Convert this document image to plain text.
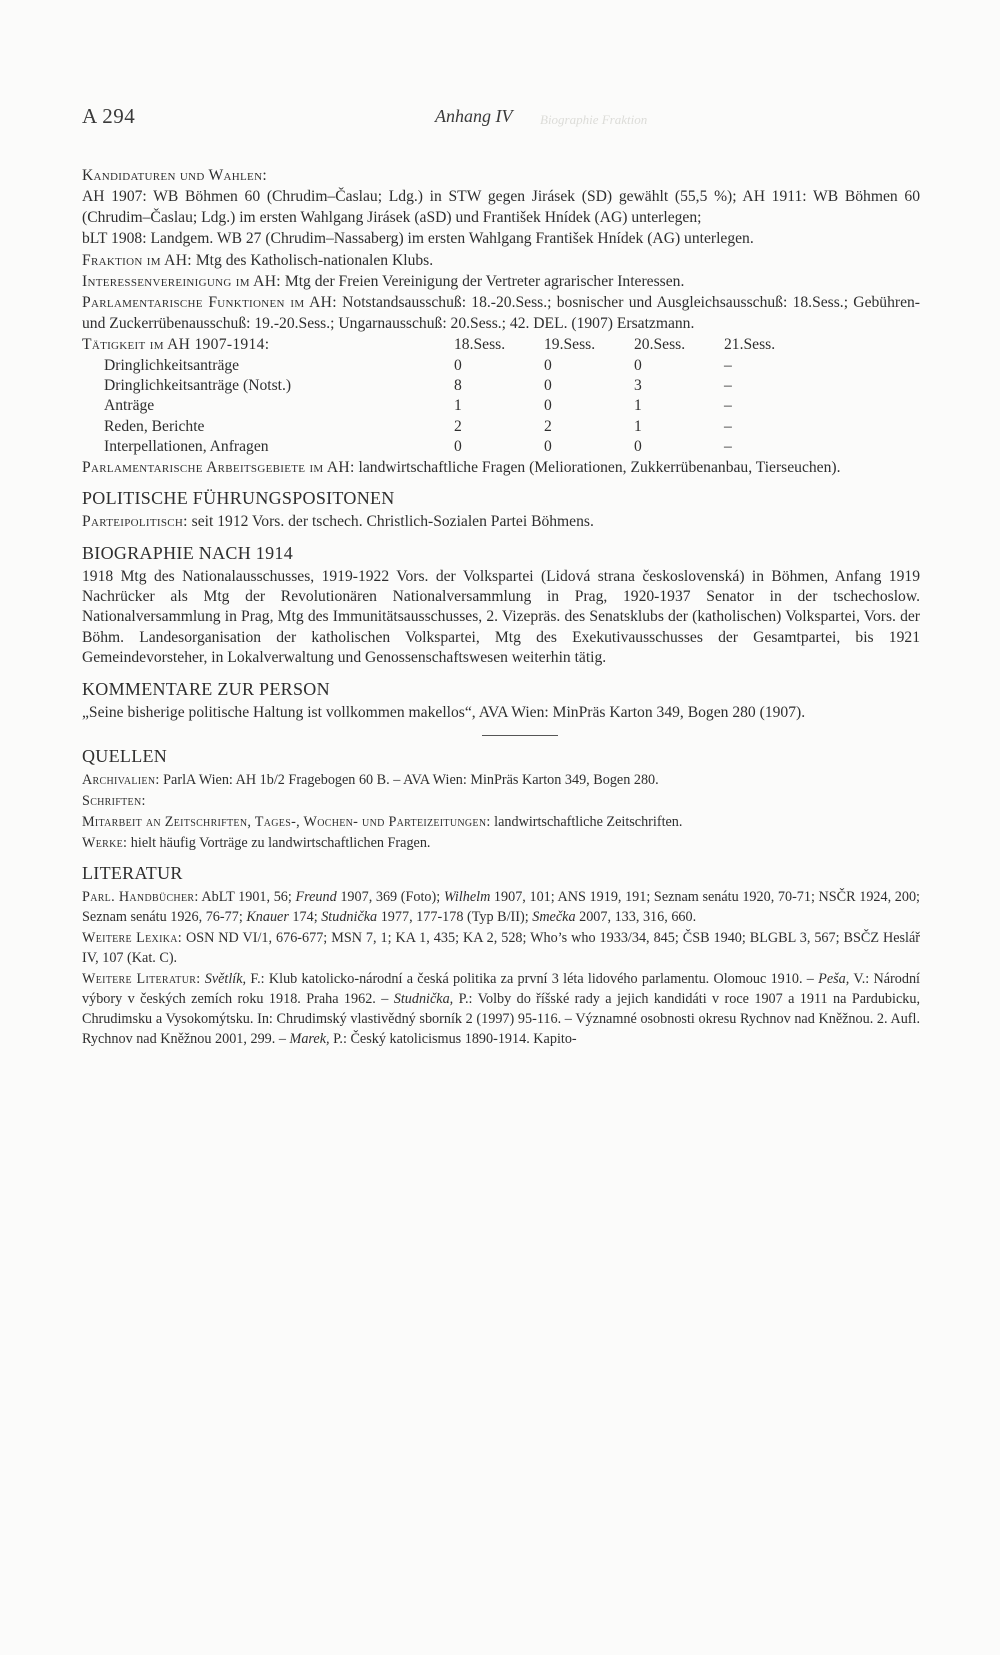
Biographie Fraktion
A 294	Anhang IV
Kandidaturen und Wahlen:
AH 1907: WB Böhmen 60 (Chrudim–Časlau; Ldg.) in STW gegen Jirásek (SD) gewählt (55,5 %); AH 1911: WB Böhmen 60 (Chrudim–Časlau; Ldg.) im ersten Wahlgang Jirásek (aSD) und František Hnídek (AG) unterlegen;
bLT 1908: Landgem. WB 27 (Chrudim–Nassaberg) im ersten Wahlgang František Hnídek (AG) unterlegen.
Fraktion im AH: Mtg des Katholisch-nationalen Klubs.
Interessenvereinigung im AH: Mtg der Freien Vereinigung der Vertreter agrarischer Interessen.
Parlamentarische Funktionen im AH: Notstandsausschuß: 18.-20.Sess.; bosnischer und Ausgleichsausschuß: 18.Sess.; Gebühren- und Zuckerrübenausschuß: 19.-20.Sess.; Ungarnausschuß: 20.Sess.; 42. DEL. (1907) Ersatzmann.
Tätigkeit im AH 1907-1914:	18.Sess.	19.Sess.	20.Sess.	21.Sess.
Dringlichkeitsanträge	0	0	0	–
Dringlichkeitsanträge (Notst.)	8	0	3	–
Anträge	1	0	1	–
Reden, Berichte	2	2	1	–
Interpellationen, Anfragen	0	0	0	–
Parlamentarische Arbeitsgebiete im AH: landwirtschaftliche Fragen (Meliorationen, Zukkerrübenanbau, Tierseuchen).
POLITISCHE FÜHRUNGSPOSITONEN
Parteipolitisch: seit 1912 Vors. der tschech. Christlich-Sozialen Partei Böhmens.
BIOGRAPHIE NACH 1914
1918 Mtg des Nationalausschusses, 1919-1922 Vors. der Volkspartei (Lidová strana československá) in Böhmen, Anfang 1919 Nachrücker als Mtg der Revolutionären Nationalversammlung in Prag, 1920-1937 Senator in der tschechoslow. Nationalversammlung in Prag, Mtg des Immunitätsausschusses, 2. Vizepräs. des Senatsklubs der (katholischen) Volkspartei, Vors. der Böhm. Landesorganisation der katholischen Volkspartei, Mtg des Exekutivausschusses der Gesamtpartei, bis 1921 Gemeindevorsteher, in Lokalverwaltung und Genossenschaftswesen weiterhin tätig.
KOMMENTARE ZUR PERSON
„Seine bisherige politische Haltung ist vollkommen makellos“, AVA Wien: MinPräs Karton 349, Bogen 280 (1907).
QUELLEN
Archivalien: ParlA Wien: AH 1b/2 Fragebogen 60 B. – AVA Wien: MinPräs Karton 349, Bogen 280.
Schriften:
Mitarbeit an Zeitschriften, Tages-, Wochen- und Parteizeitungen: landwirtschaftliche Zeitschriften.
Werke: hielt häufig Vorträge zu landwirtschaftlichen Fragen.
LITERATUR
Parl. Handbücher: AbLT 1901, 56; Freund 1907, 369 (Foto); Wilhelm 1907, 101; ANS 1919, 191; Seznam senátu 1920, 70-71; NSČR 1924, 200; Seznam senátu 1926, 76-77; Knauer 174; Studnička 1977, 177-178 (Typ B/II); Smečka 2007, 133, 316, 660.
Weitere Lexika: OSN ND VI/1, 676-677; MSN 7, 1; KA 1, 435; KA 2, 528; Who’s who 1933/34, 845; ČSB 1940; BLGBL 3, 567; BSČZ Heslář IV, 107 (Kat. C).
Weitere Literatur: Světlík, F.: Klub katolicko-národní a česká politika za první 3 léta lidového parlamentu. Olomouc 1910. – Peša, V.: Národní výbory v českých zemích roku 1918. Praha 1962. – Studnička, P.: Volby do říšské rady a jejich kandidáti v roce 1907 a 1911 na Pardubicku, Chrudimsku a Vysokomýtsku. In: Chrudimský vlastivědný sborník 2 (1997) 95-116. – Významné osobnosti okresu Rychnov nad Kněžnou. 2. Aufl. Rychnov nad Kněžnou 2001, 299. – Marek, P.: Český katolicismus 1890-1914. Kapito-
